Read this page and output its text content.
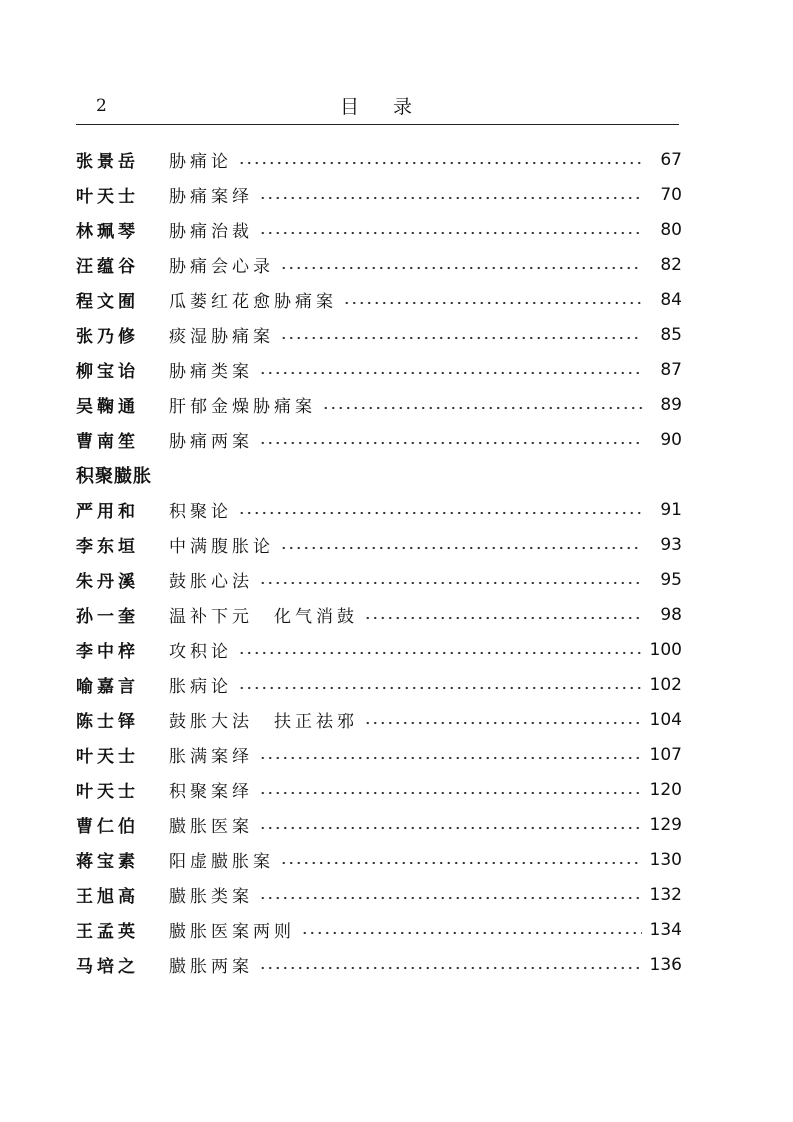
2	目录
张景岳	胁痛论	67
叶天士	胁痛案绎	70
林珮琴	胁痛治裁	80
汪蕴谷	胁痛会心录	82
程文囿	瓜蒌红花愈胁痛案	84
张乃修	痰湿胁痛案	85
柳宝诒	胁痛类案	87
吴鞠通	肝郁金燥胁痛案	89
曹南笙	胁痛两案	90
积聚臌胀
严用和	积聚论	91
李东垣	中满腹胀论	93
朱丹溪	鼓胀心法	95
孙一奎	温补下元　化气消鼓	98
李中梓	攻积论	100
喻嘉言	胀病论	102
陈士铎	鼓胀大法　扶正祛邪	104
叶天士	胀满案绎	107
叶天士	积聚案绎	120
曹仁伯	臌胀医案	129
蒋宝素	阳虚臌胀案	130
王旭高	臌胀类案	132
王孟英	臌胀医案两则	134
马培之	臌胀两案	136
